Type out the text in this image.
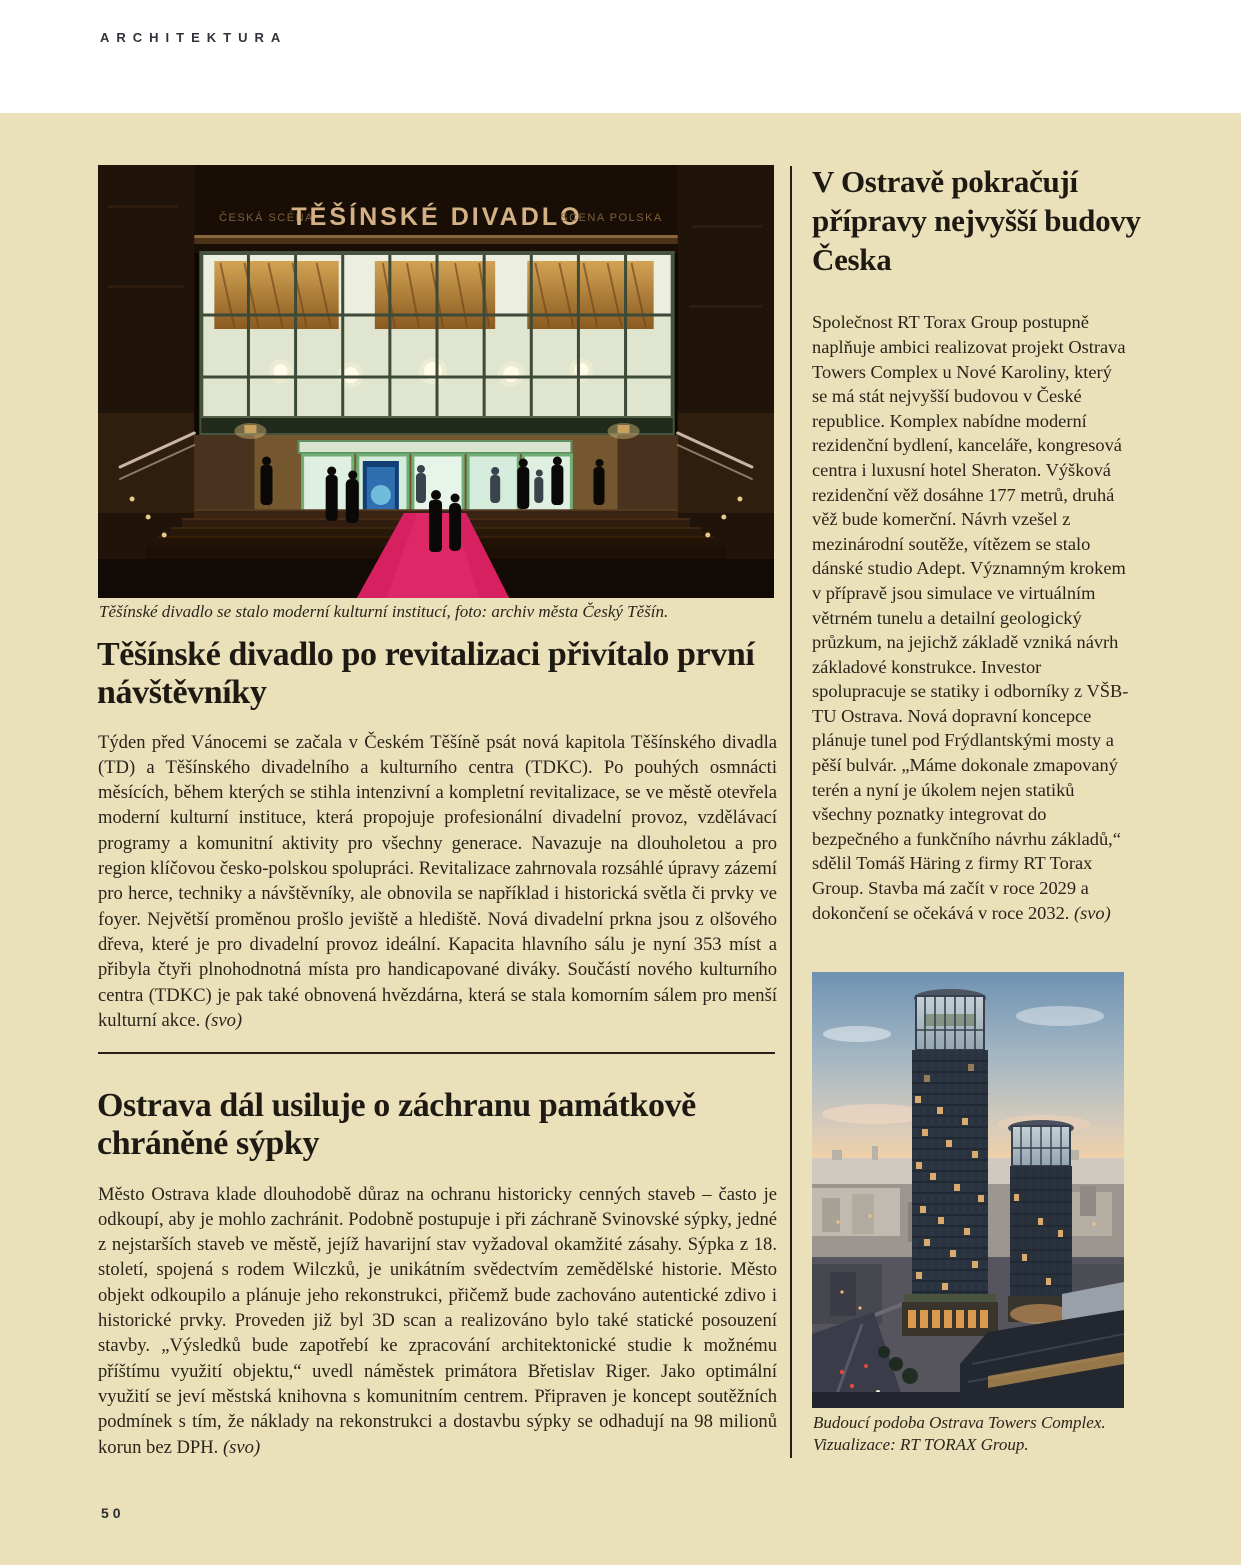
ARCHITEKTURA
ČESKÁ SCÉNA
TĚŠÍNSKÉ DIVADLO
SCENA POLSKA
Těšínské divadlo se stalo moderní kulturní institucí, foto: archiv města Český Těšín.
Těšínské divadlo po revitalizaci přivítalo první návštěvníky

Týden před Vánocemi se začala v Českém Těšíně psát nová kapitola Těšínského divadla (TD) a Těšínského divadelního a kulturního centra (TDKC). Po pouhých osmnácti měsících, během kterých se stihla intenzivní a kompletní revitalizace, se ve městě otevřela moderní kulturní instituce, která propojuje profesionální divadelní provoz, vzdělávací programy a komunitní aktivity pro všechny generace. Navazuje na dlouholetou a pro region klíčovou česko-polskou spolupráci. Revitalizace zahrnovala rozsáhlé úpravy zázemí pro herce, techniky a návštěvníky, ale obnovila se například i historická světla či prvky ve foyer. Největší proměnou prošlo jeviště a hlediště. Nová divadelní prkna jsou z olšového dřeva, které je pro divadelní provoz ideální. Kapacita hlavního sálu je nyní 353 míst a přibyla čtyři plnohodnotná místa pro handicapované diváky. Součástí nového kulturního centra (TDKC) je pak také obnovená hvězdárna, která se stala komorním sálem pro menší kulturní akce. (svo)

Ostrava dál usiluje o záchranu památkově chráněné sýpky

Město Ostrava klade dlouhodobě důraz na ochranu historicky cenných staveb – často je odkoupí, aby je mohlo zachránit. Podobně postupuje i při záchraně Svinovské sýpky, jedné z nejstarších staveb ve městě, jejíž havarijní stav vyžadoval okamžité zásahy. Sýpka z 18. století, spojená s rodem Wilczků, je unikátním svědectvím zemědělské historie. Město objekt odkoupilo a plánuje jeho rekonstrukci, přičemž bude zachováno autentické zdivo i historické prvky. Proveden již byl 3D scan a realizováno bylo také statické posouzení stavby. „Výsledků bude zapotřebí ke zpracování architektonické studie k možnému příštímu využití objektu,“ uvedl náměstek primátora Břetislav Riger. Jako optimální využití se jeví městská knihovna s komunitním centrem. Připraven je koncept soutěžních podmínek s tím, že náklady na rekonstrukci a dostavbu sýpky se odhadují na 98 milionů korun bez DPH. (svo)

50
V Ostravě pokračují přípravy nejvyšší budovy Česka

Společnost RT Torax Group postupně naplňuje ambici realizovat projekt Ostrava Towers Complex u Nové Karoliny, který se má stát nejvyšší budovou v České republice. Komplex nabídne moderní rezidenční bydlení, kanceláře, kongresová centra i luxusní hotel Sheraton. Výšková rezidenční věž dosáhne 177 metrů, druhá věž bude komerční. Návrh vzešel z mezinárodní soutěže, vítězem se stalo dánské studio Adept. Významným krokem v přípravě jsou simulace ve virtuálním větrném tunelu a detailní geologický průzkum, na jejichž základě vzniká návrh základové konstrukce. Investor spolupracuje se statiky i odborníky z VŠB-TU Ostrava. Nová dopravní koncepce plánuje tunel pod Frýdlantskými mosty a pěší bulvár. „Máme dokonale zmapovaný terén a nyní je úkolem nejen statiků všechny poznatky integrovat do bezpečného a funkčního návrhu základů,“ sdělil Tomáš Häring z firmy RT Torax Group. Stavba má začít v roce 2029 a dokončení se očekává v roce 2032. (svo)

Budoucí podoba Ostrava Towers Complex.
Vizualizace: RT TORAX Group.
